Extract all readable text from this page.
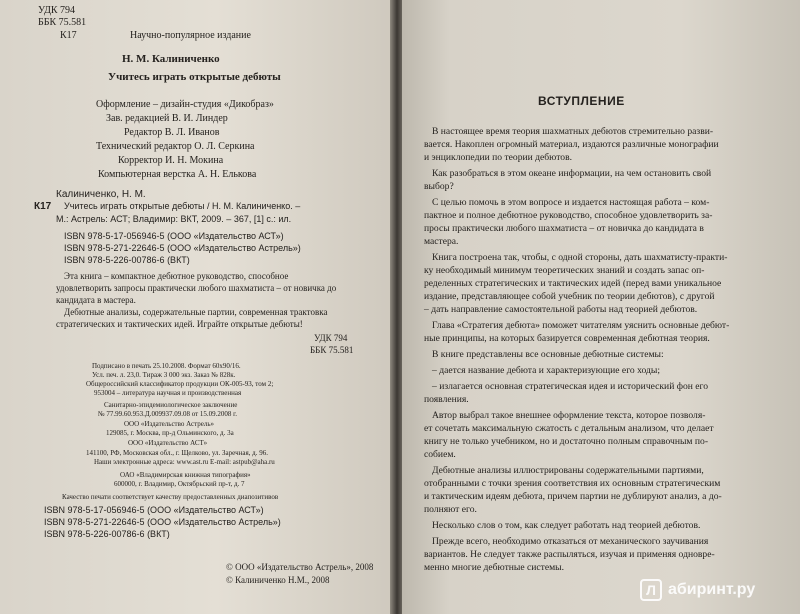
УДК 794
ББК 75.581
К17	Научно-популярное издание
Н. М. Калиниченко
Учитесь играть открытые дебюты
Оформление – дизайн-студия «Дикобраз»
Зав. редакцией В. И. Линдер
Редактор В. Л. Иванов
Технический редактор О. Л. Серкина
Корректор И. Н. Мокина
Компьютерная верстка А. Н. Елькова
Калиниченко, Н. М.
К17 Учитесь играть открытые дебюты / Н. М. Калиниченко. –
М.: Астрель: АСТ; Владимир: ВКТ, 2009. – 367, [1] с.: ил.
ISBN 978-5-17-056946-5 (ООО «Издательство АСТ»)
ISBN 978-5-271-22646-5 (ООО «Издательство Астрель»)
ISBN 978-5-226-00786-6 (ВКТ)
Эта книга – компактное дебютное руководство, способное
удовлетворить запросы практически любого шахматиста – от новичка до
кандидата в мастера.
Дебютные анализы, содержательные партии, современная трактовка
стратегических и тактических идей. Играйте открытые дебюты!
УДК 794
ББК 75.581
Подписано в печать 25.10.2008. Формат 60x90/16.
Усл. печ. л. 23,0. Тираж 3 000 экз. Заказ № 828к.
Общероссийский классификатор продукции ОК-005-93, том 2;
953004 – литература научная и производственная
Санитарно-эпидемиологическое заключение
№ 77.99.60.953.Д.009937.09.08 от 15.09.2008 г.
ООО «Издательство Астрель»
129085, г. Москва, пр-д Ольминского, д. 3а
ООО «Издательство АСТ»
141100, РФ, Московская обл., г. Щелково, ул. Заречная, д. 96.
Наши электронные адреса: www.ast.ru E-mail: astpub@aha.ru
ОАО «Владимирская книжная типография»
600000, г. Владимир, Октябрьский пр-т, д. 7
Качество печати соответствует качеству предоставленных диапозитивов
ISBN 978-5-17-056946-5 (ООО «Издательство АСТ»)
ISBN 978-5-271-22646-5 (ООО «Издательство Астрель»)
ISBN 978-5-226-00786-6 (ВКТ)
© ООО «Издательство Астрель», 2008
© Калиниченко Н.М., 2008
ВСТУПЛЕНИЕ
В настоящее время теория шахматных дебютов стремительно разви-
вается. Накоплен огромный материал, издаются различные монографии
и энциклопедии по теории дебютов.
Как разобраться в этом океане информации, на чем остановить свой
выбор?
С целью помочь в этом вопросе и издается настоящая работа – ком-
пактное и полное дебютное руководство, способное удовлетворить за-
просы практически любого шахматиста – от новичка до кандидата в
мастера.
Книга построена так, чтобы, с одной стороны, дать шахматисту-практи-
ку необходимый минимум теоретических знаний и создать запас оп-
ределенных стратегических и тактических идей (перед вами уникальное
издание, представляющее собой учебник по теории дебютов), с другой
– дать направление самостоятельной работы над теорией дебютов.
Глава «Стратегия дебюта» поможет читателям уяснить основные дебют-
ные принципы, на которых базируется современная дебютная теория.
В книге представлены все основные дебютные системы:
– дается название дебюта и характеризующие его ходы;
– излагается основная стратегическая идея и исторический фон его
появления.
Автор выбрал такое внешнее оформление текста, которое позволя-
ет сочетать максимальную сжатость с детальным анализом, что делает
книгу не только учебником, но и достаточно полным справочным по-
собием.
Дебютные анализы иллюстрированы содержательными партиями,
отобранными с точки зрения соответствия их основным стратегическим
и тактическим идеям дебюта, причем партии не дублируют анализ, а до-
полняют его.
Несколько слов о том, как следует работать над теорией дебютов.
Прежде всего, необходимо отказаться от механического заучивания
вариантов. Не следует также распыляться, изучая и применяя одновре-
менно многие дебютные системы.
Л абиринт.ру
